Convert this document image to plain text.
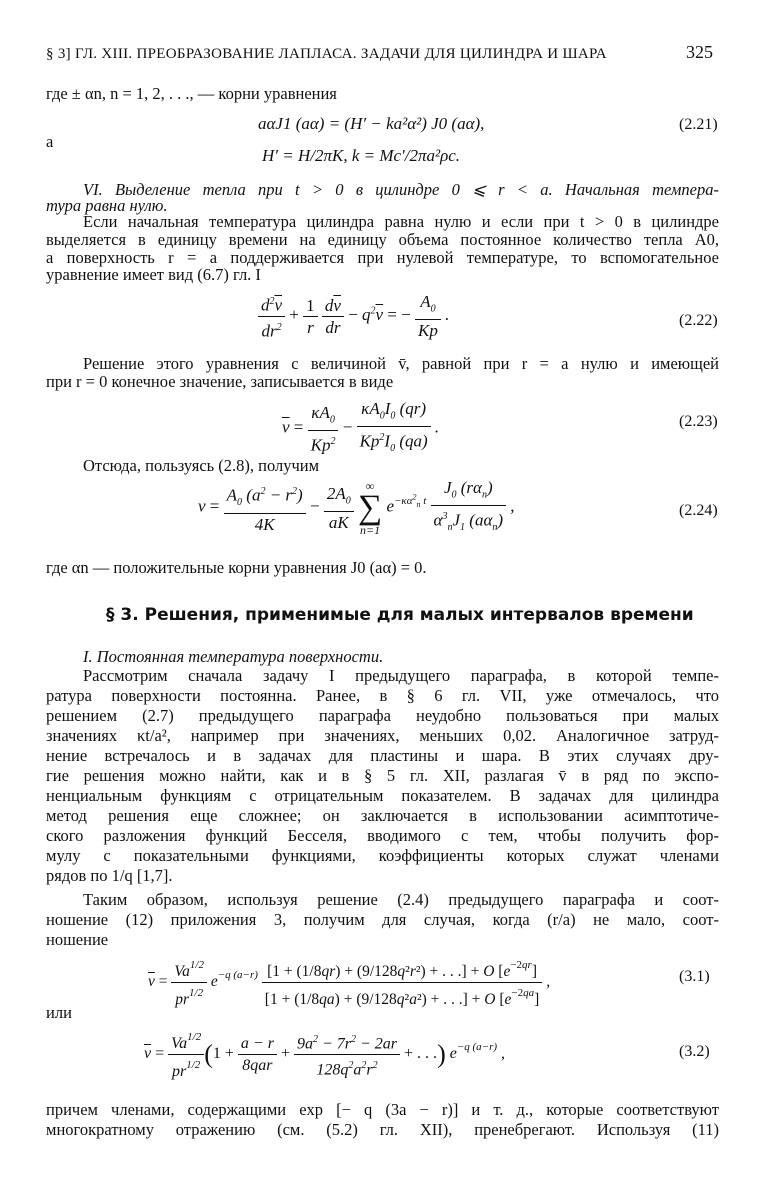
§ 3] ГЛ. XIII. ПРЕОБРАЗОВАНИЕ ЛАПЛАСА. ЗАДАЧИ ДЛЯ ЦИЛИНДРА И ШАРА	325
где ± αn, n = 1, 2, . . ., — корни уравнения
aαJ1 (aα) = (H′ − ka²α²) J0 (aα),	(2.21)
а
H′ = H/2πK, k = Mc′/2πa²ρc.
VI. Выделение тепла при t > 0 в цилиндре 0 ⩽ r < a. Начальная темпера-
тура равна нулю.
Если начальная температура цилиндра равна нулю и если при t > 0 в цилиндре
выделяется в единицу времени на единицу объема постоянное количество тепла A0,
а поверхность r = a поддерживается при нулевой температуре, то вспомогательное
уравнение имеет вид (6.7) гл. I
$\frac{d^2\overline{v}}{dr^2} + \frac{1}{r}$
$\frac{d\overline{v}}{dr} - q^2\overline{v}$ = − $\frac{A_0}{Kp}$ .	(2.22)
Решение этого уравнения с величиной v̄, равной при r = a нулю и имеющей
при r = 0 конечное значение, записывается в виде
$\overline{v} = \frac{\kappa A_0}{Kp^2} - \frac{\kappa A_0I_0 (qr)}{Kp^2I_0 (qa)}$ .	(2.23)
Отсюда, пользуясь (2.8), получим
$v = \frac{A_0 (a^2 - r^2)}{4K} - \frac{2A_0}{aK}$
	∞
∑
n=1
$e^{-\kappa\alpha^2_n t} \frac{J_0 (r\alpha_n)}{\alpha^3_nJ_1 (a\alpha_n)}$ ,	(2.24)
где αn — положительные корни уравнения J0 (aα) = 0.
§ 3. Решения, применимые для малых интервалов времени
I. Постоянная температура поверхности.
Рассмотрим сначала задачу I предыдущего параграфа, в которой темпе-
ратура поверхности постоянна. Ранее, в § 6 гл. VII, уже отмечалось, что
решением (2.7) предыдущего параграфа неудобно пользоваться при малых
значениях κt/a², например при значениях, меньших 0,02. Аналогичное затруд-
нение встречалось и в задачах для пластины и шара. В этих случаях дру-
гие решения можно найти, как и в § 5 гл. XII, разлагая v̄ в ряд по экспо-
ненциальным функциям с отрицательным показателем. В задачах для цилиндра
метод решения еще сложнее; он заключается в использовании асимптотиче-
ского разложения функций Бесселя, вводимого с тем, чтобы получить фор-
мулу с показательными функциями, коэффициенты которых служат членами
рядов по 1/q [1,7].
Таким образом, используя решение (2.4) предыдущего параграфа и соот-
ношение (12) приложения 3, получим для случая, когда (r/a) не мало, соот-
ношение
$\overline{v} = \frac{Va^{1/2}}{pr^{1/2}} e^{-q (a-r)} \frac{[1 + (1/8qr) + (9/128q^2r^2) + . . .] + O [e^{-2qr}]}{[1 + (1/8qa) + (9/128q^2a^2) + . . .] + O [e^{-2qa}]}$ ,	(3.1)
или
$\overline{v} = \frac{Va^{1/2}}{pr^{1/2}} (1 + \frac{a - r}{\text{8qar}} + \frac{9a^2 - 7r^2 - 2ar}{128q^2a^2r^2}$ + . . .) $e^{-q (a-r)}$ ,	(3.2)
причем членами, содержащими exp [− q (3a − r)] и т. д., которые соответствуют
многократному отражению (см. (5.2) гл. XII), пренебрегают. Используя (11)
